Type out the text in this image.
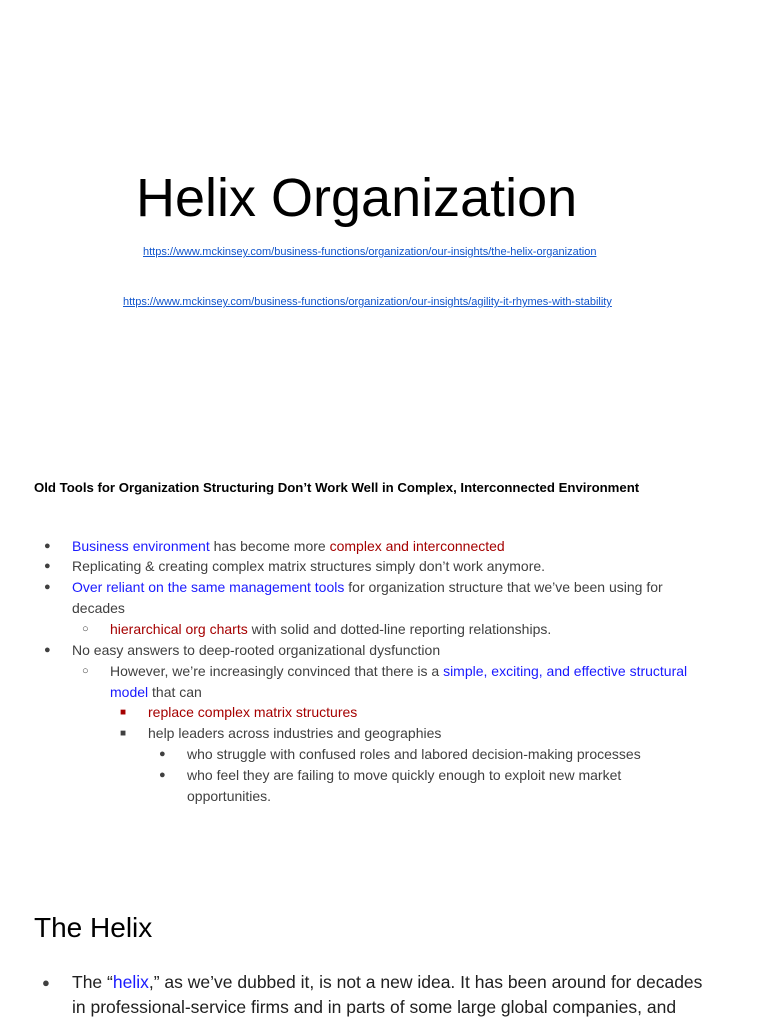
Helix Organization
https://www.mckinsey.com/business-functions/organization/our-insights/the-helix-organization
https://www.mckinsey.com/business-functions/organization/our-insights/agility-it-rhymes-with-stability
Old Tools for Organization Structuring Don’t Work Well in Complex, Interconnected Environment
● Business environment has become more complex and interconnected
● Replicating & creating complex matrix structures simply don’t work anymore.
● Over reliant on the same management tools for organization structure that we’ve been using for
decades
○ hierarchical org charts with solid and dotted-line reporting relationships.
● No easy answers to deep-rooted organizational dysfunction
○ However, we’re increasingly convinced that there is a simple, exciting, and effective structural
model that can
■ replace complex matrix structures
■ help leaders across industries and geographies
● who struggle with confused roles and labored decision-making processes
● who feel they are failing to move quickly enough to exploit new market
opportunities.
The Helix
● The “helix,” as we’ve dubbed it, is not a new idea. It has been around for decades
in professional-service firms and in parts of some large global companies, and
